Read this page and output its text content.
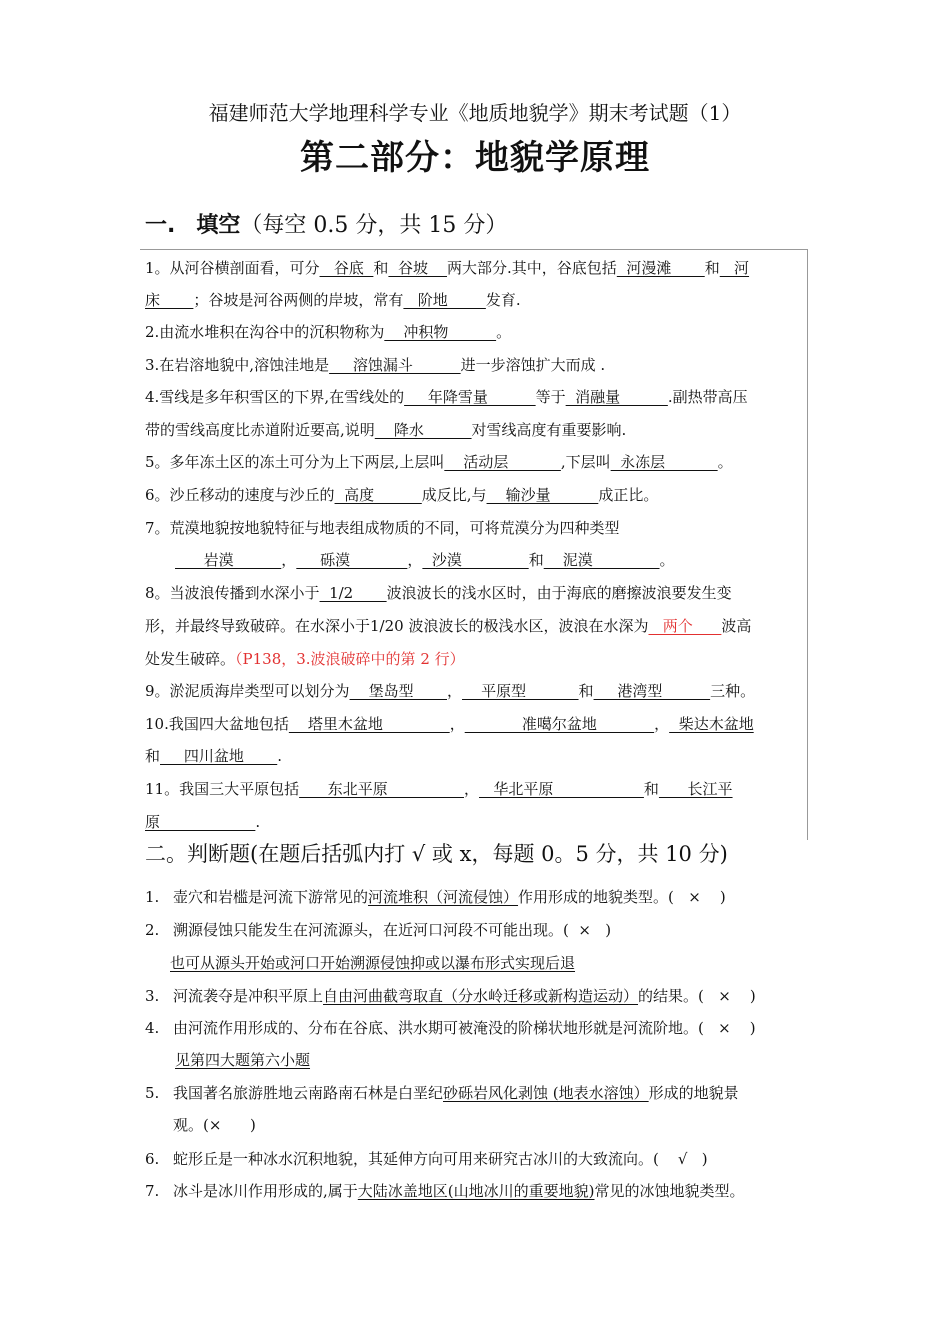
福建师范大学地理科学专业《地质地貌学》期末考试题（1）
第二部分：地貌学原理
一. 填空（每空 0.5 分，共 15 分）
1。从河谷横剖面看，可分   谷底  和  谷坡    两大部分.其中，谷底包括  河漫滩       和   河
床       ；谷坡是河谷两侧的岸坡，常有   阶地        发育.
2.由流水堆积在沟谷中的沉积物称为    冲积物          。
3.在岩溶地貌中,溶蚀洼地是     溶蚀漏斗          进一步溶蚀扩大而成 .
4.雪线是多年积雪区的下界,在雪线处的     年降雪量          等于  消融量          .副热带高压
带的雪线高度比赤道附近要高,说明    降水          对雪线高度有重要影响.
5。多年冻土区的冻土可分为上下两层,上层叫    活动层           ,下层叫  永冻层           。
6。沙丘移动的速度与沙丘的  高度          成反比,与    输沙量          成正比。
7。荒漠地貌按地貌特征与地表组成物质的不同，可将荒漠分为四种类型
岩漠          ，     砾漠            ，  沙漠              和    泥漠              。
8。当波浪传播到水深小于  1/2       波浪波长的浅水区时，由于海底的磨擦波浪要发生变
形，并最终导致破碎。在水深小于1/20 波浪波长的极浅水区，波浪在水深为   两个      波高
处发生破碎。（P138，3.波浪破碎中的第 2 行）
9。淤泥质海岸类型可以划分为    堡岛型       ，    平原型           和     港湾型          三种。
10.我国四大盆地包括    塔里木盆地              ，            准噶尔盆地            ，  柴达木盆地
和     四川盆地       .
11。我国三大平原包括      东北平原                ，   华北平原                   和      长江平
原                    .
二。判断题(在题后括弧内打 √ 或 x，每题 0。5 分，共 10 分)
1. 壶穴和岩槛是河流下游常见的河流堆积（河流侵蚀）作用形成的地貌类型。(   ×    )
2. 溯源侵蚀只能发生在河流源头，在近河口河段不可能出现。(  ×   )
也可从源头开始或河口开始溯源侵蚀抑或以瀑布形式实现后退
3. 河流袭夺是冲积平原上自由河曲截弯取直（分水岭迁移或新构造运动）的结果。(   ×    )
4. 由河流作用形成的、分布在谷底、洪水期可被淹没的阶梯状地形就是河流阶地。(   ×    )
见第四大题第六小题
5. 我国著名旅游胜地云南路南石林是白垩纪砂砾岩风化剥蚀 (地表水溶蚀）形成的地貌景
观。(×      )
6. 蛇形丘是一种冰水沉积地貌，其延伸方向可用来研究古冰川的大致流向。(    √   )
7. 冰斗是冰川作用形成的,属于大陆冰盖地区(山地冰川的重要地貌)常见的冰蚀地貌类型。
